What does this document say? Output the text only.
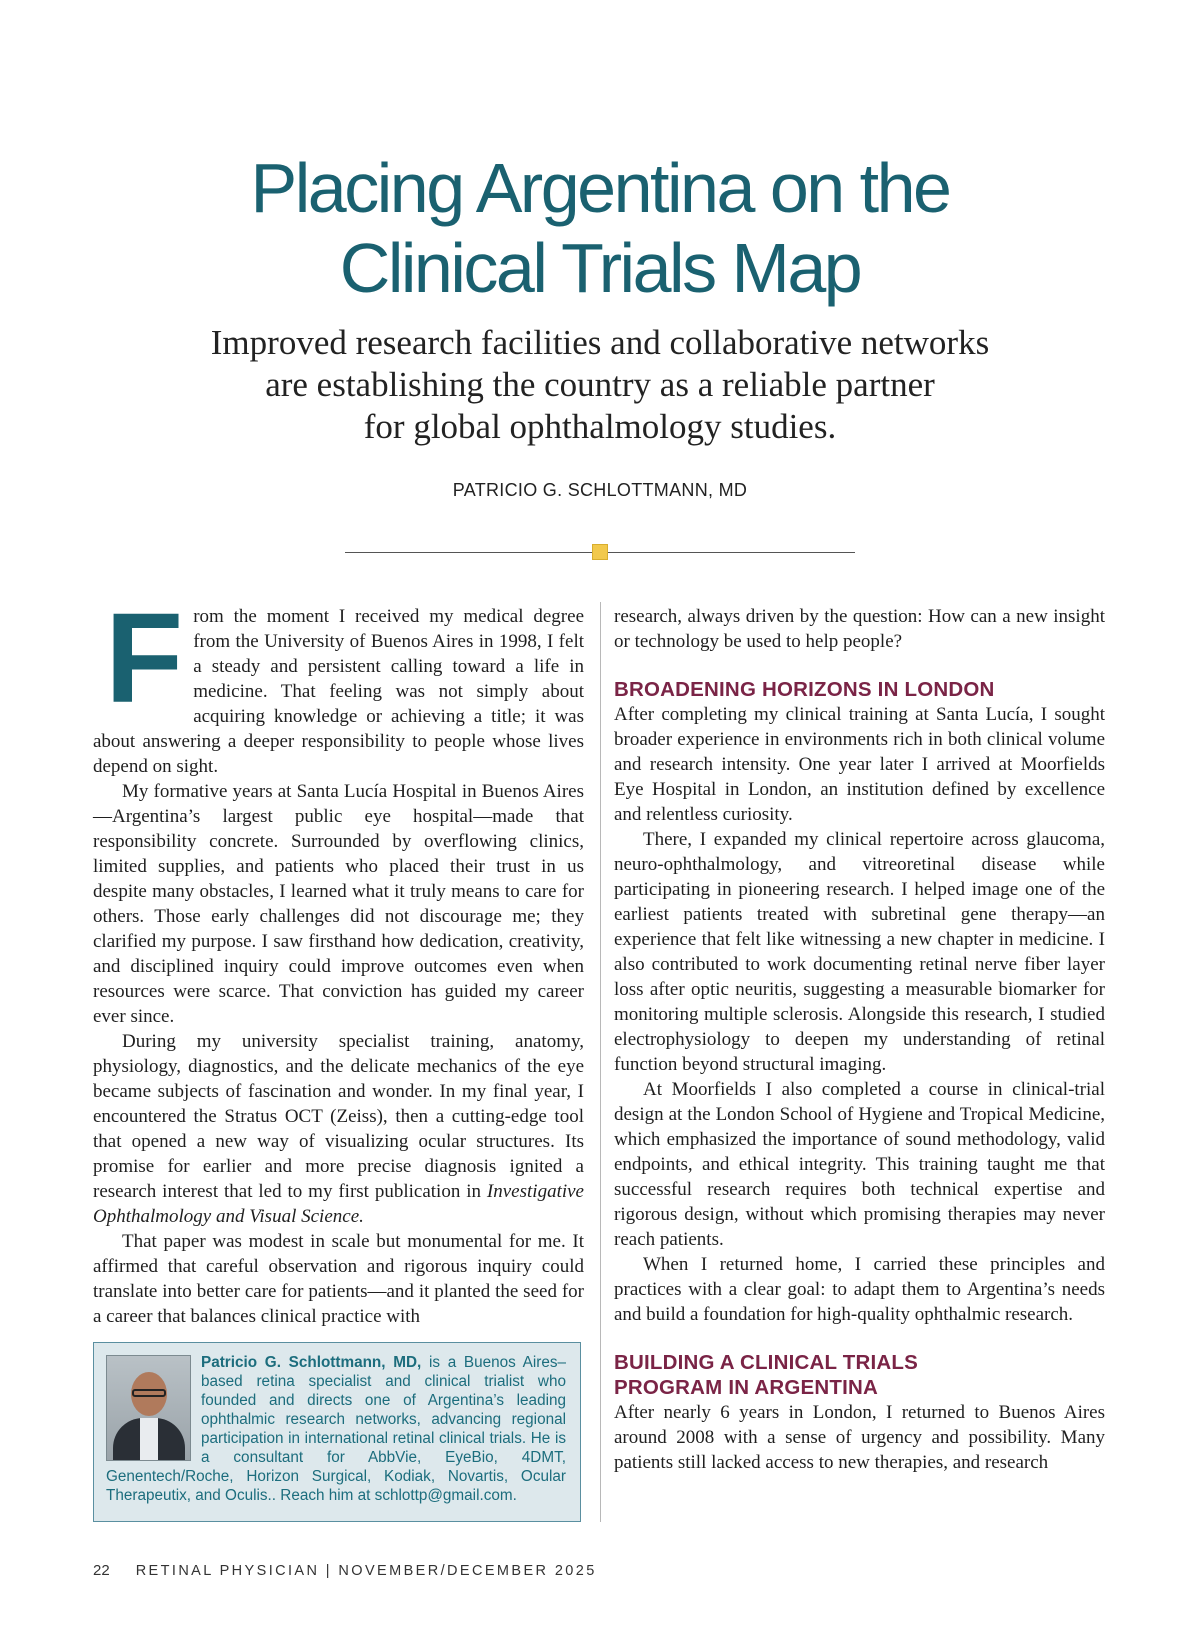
Placing Argentina on the
Clinical Trials Map
Improved research facilities and collaborative networks
are establishing the country as a reliable partner
for global ophthalmology studies.
PATRICIO G. SCHLOTTMANN, MD

From the moment I received my medical degree from the University of Buenos Aires in 1998, I felt a steady and persistent calling toward a life in medicine. That feeling was not simply about acquiring knowledge or achieving a title; it was about answering a deeper responsibility to people whose lives depend on sight.

My formative years at Santa Lucía Hospital in Buenos Aires—Argentina’s largest public eye hospital—made that responsibility concrete. Surrounded by overflowing clinics, limited supplies, and patients who placed their trust in us despite many obstacles, I learned what it truly means to care for others. Those early challenges did not discourage me; they clarified my purpose. I saw firsthand how dedication, creativity, and disciplined inquiry could improve outcomes even when resources were scarce. That conviction has guided my career ever since.

During my university specialist training, anatomy, physiology, diagnostics, and the delicate mechanics of the eye became subjects of fascination and wonder. In my final year, I encountered the Stratus OCT (Zeiss), then a cutting-edge tool that opened a new way of visualizing ocular structures. Its promise for earlier and more precise diagnosis ignited a research interest that led to my first publication in Investigative Ophthalmology and Visual Science.

That paper was modest in scale but monumental for me. It affirmed that careful observation and rigorous inquiry could translate into better care for patients—and it planted the seed for a career that balances clinical practice with

Patricio G. Schlottmann, MD, is a Buenos Aires–based retina specialist and clinical trialist who founded and directs one of Argentina’s leading ophthalmic research networks, advancing regional participation in international retinal clinical trials. He is a consultant for AbbVie, EyeBio, 4DMT, Genentech/Roche, Horizon Surgical, Kodiak, Novartis, Ocular Therapeutix, and Oculis.. Reach him at schlottp@gmail.com.

research, always driven by the question: How can a new insight or technology be used to help people?

BROADENING HORIZONS IN LONDON

After completing my clinical training at Santa Lucía, I sought broader experience in environments rich in both clinical volume and research intensity. One year later I arrived at Moorfields Eye Hospital in London, an institution defined by excellence and relentless curiosity.

There, I expanded my clinical repertoire across glaucoma, neuro-ophthalmology, and vitreoretinal disease while participating in pioneering research. I helped image one of the earliest patients treated with subretinal gene therapy—an experience that felt like witnessing a new chapter in medicine. I also contributed to work documenting retinal nerve fiber layer loss after optic neuritis, suggesting a measurable biomarker for monitoring multiple sclerosis. Alongside this research, I studied electrophysiology to deepen my understanding of retinal function beyond structural imaging.

At Moorfields I also completed a course in clinical-trial design at the London School of Hygiene and Tropical Medicine, which emphasized the importance of sound methodology, valid endpoints, and ethical integrity. This training taught me that successful research requires both technical expertise and rigorous design, without which promising therapies may never reach patients.

When I returned home, I carried these principles and practices with a clear goal: to adapt them to Argentina’s needs and build a foundation for high-quality ophthalmic research.

BUILDING A CLINICAL TRIALS
PROGRAM IN ARGENTINA

After nearly 6 years in London, I returned to Buenos Aires around 2008 with a sense of urgency and possibility. Many patients still lacked access to new therapies, and research

22 RETINAL PHYSICIAN | NOVEMBER/DECEMBER 2025
